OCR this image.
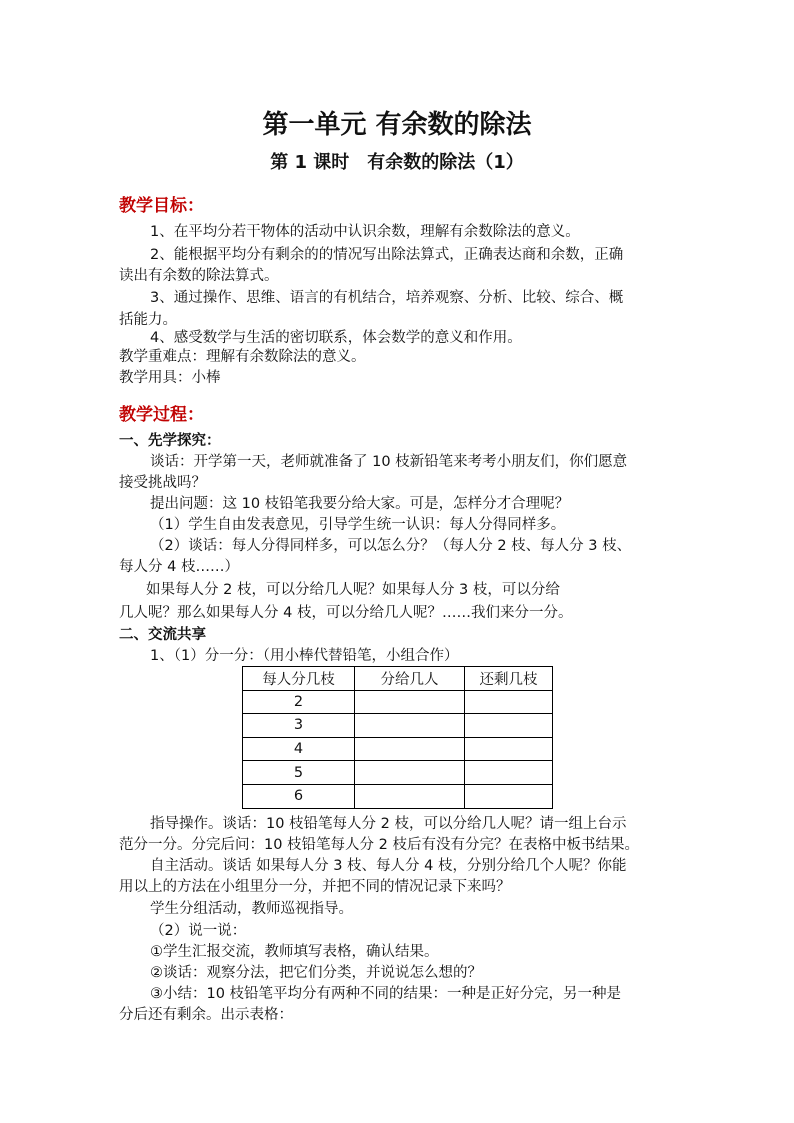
第一单元 有余数的除法
第 1 课时　有余数的除法（1）
教学目标：
1、在平均分若干物体的活动中认识余数，理解有余数除法的意义。
2、能根据平均分有剩余的的情况写出除法算式，正确表达商和余数，正确
读出有余数的除法算式。
3、通过操作、思维、语言的有机结合，培养观察、分析、比较、综合、概
括能力。
4、感受数学与生活的密切联系，体会数学的意义和作用。
教学重难点：理解有余数除法的意义。
教学用具：小棒
教学过程：
一、先学探究：
谈话：开学第一天，老师就准备了 10 枝新铅笔来考考小朋友们，你们愿意
接受挑战吗？
提出问题：这 10 枝铅笔我要分给大家。可是，怎样分才合理呢？
（1）学生自由发表意见，引导学生统一认识：每人分得同样多。
（2）谈话：每人分得同样多，可以怎么分？（每人分 2 枝、每人分 3 枝、
每人分 4 枝……）
如果每人分 2 枝，可以分给几人呢？如果每人分 3 枝，可以分给
几人呢？那么如果每人分 4 枝，可以分给几人呢？……我们来分一分。
二、交流共享
1、（1）分一分：（用小棒代替铅笔，小组合作）
每人分几枝	分给几人	还剩几枝
2		
3		
4		
5		
6		
指导操作。谈话：10 枝铅笔每人分 2 枝，可以分给几人呢？请一组上台示
范分一分。分完后问：10 枝铅笔每人分 2 枝后有没有分完？在表格中板书结果。
自主活动。谈话 如果每人分 3 枝、每人分 4 枝，分别分给几个人呢？你能
用以上的方法在小组里分一分，并把不同的情况记录下来吗？
学生分组活动，教师巡视指导。
（2）说一说：
①学生汇报交流，教师填写表格，确认结果。
②谈话：观察分法，把它们分类，并说说怎么想的？
③小结：10 枝铅笔平均分有两种不同的结果：一种是正好分完，另一种是
分后还有剩余。出示表格：
